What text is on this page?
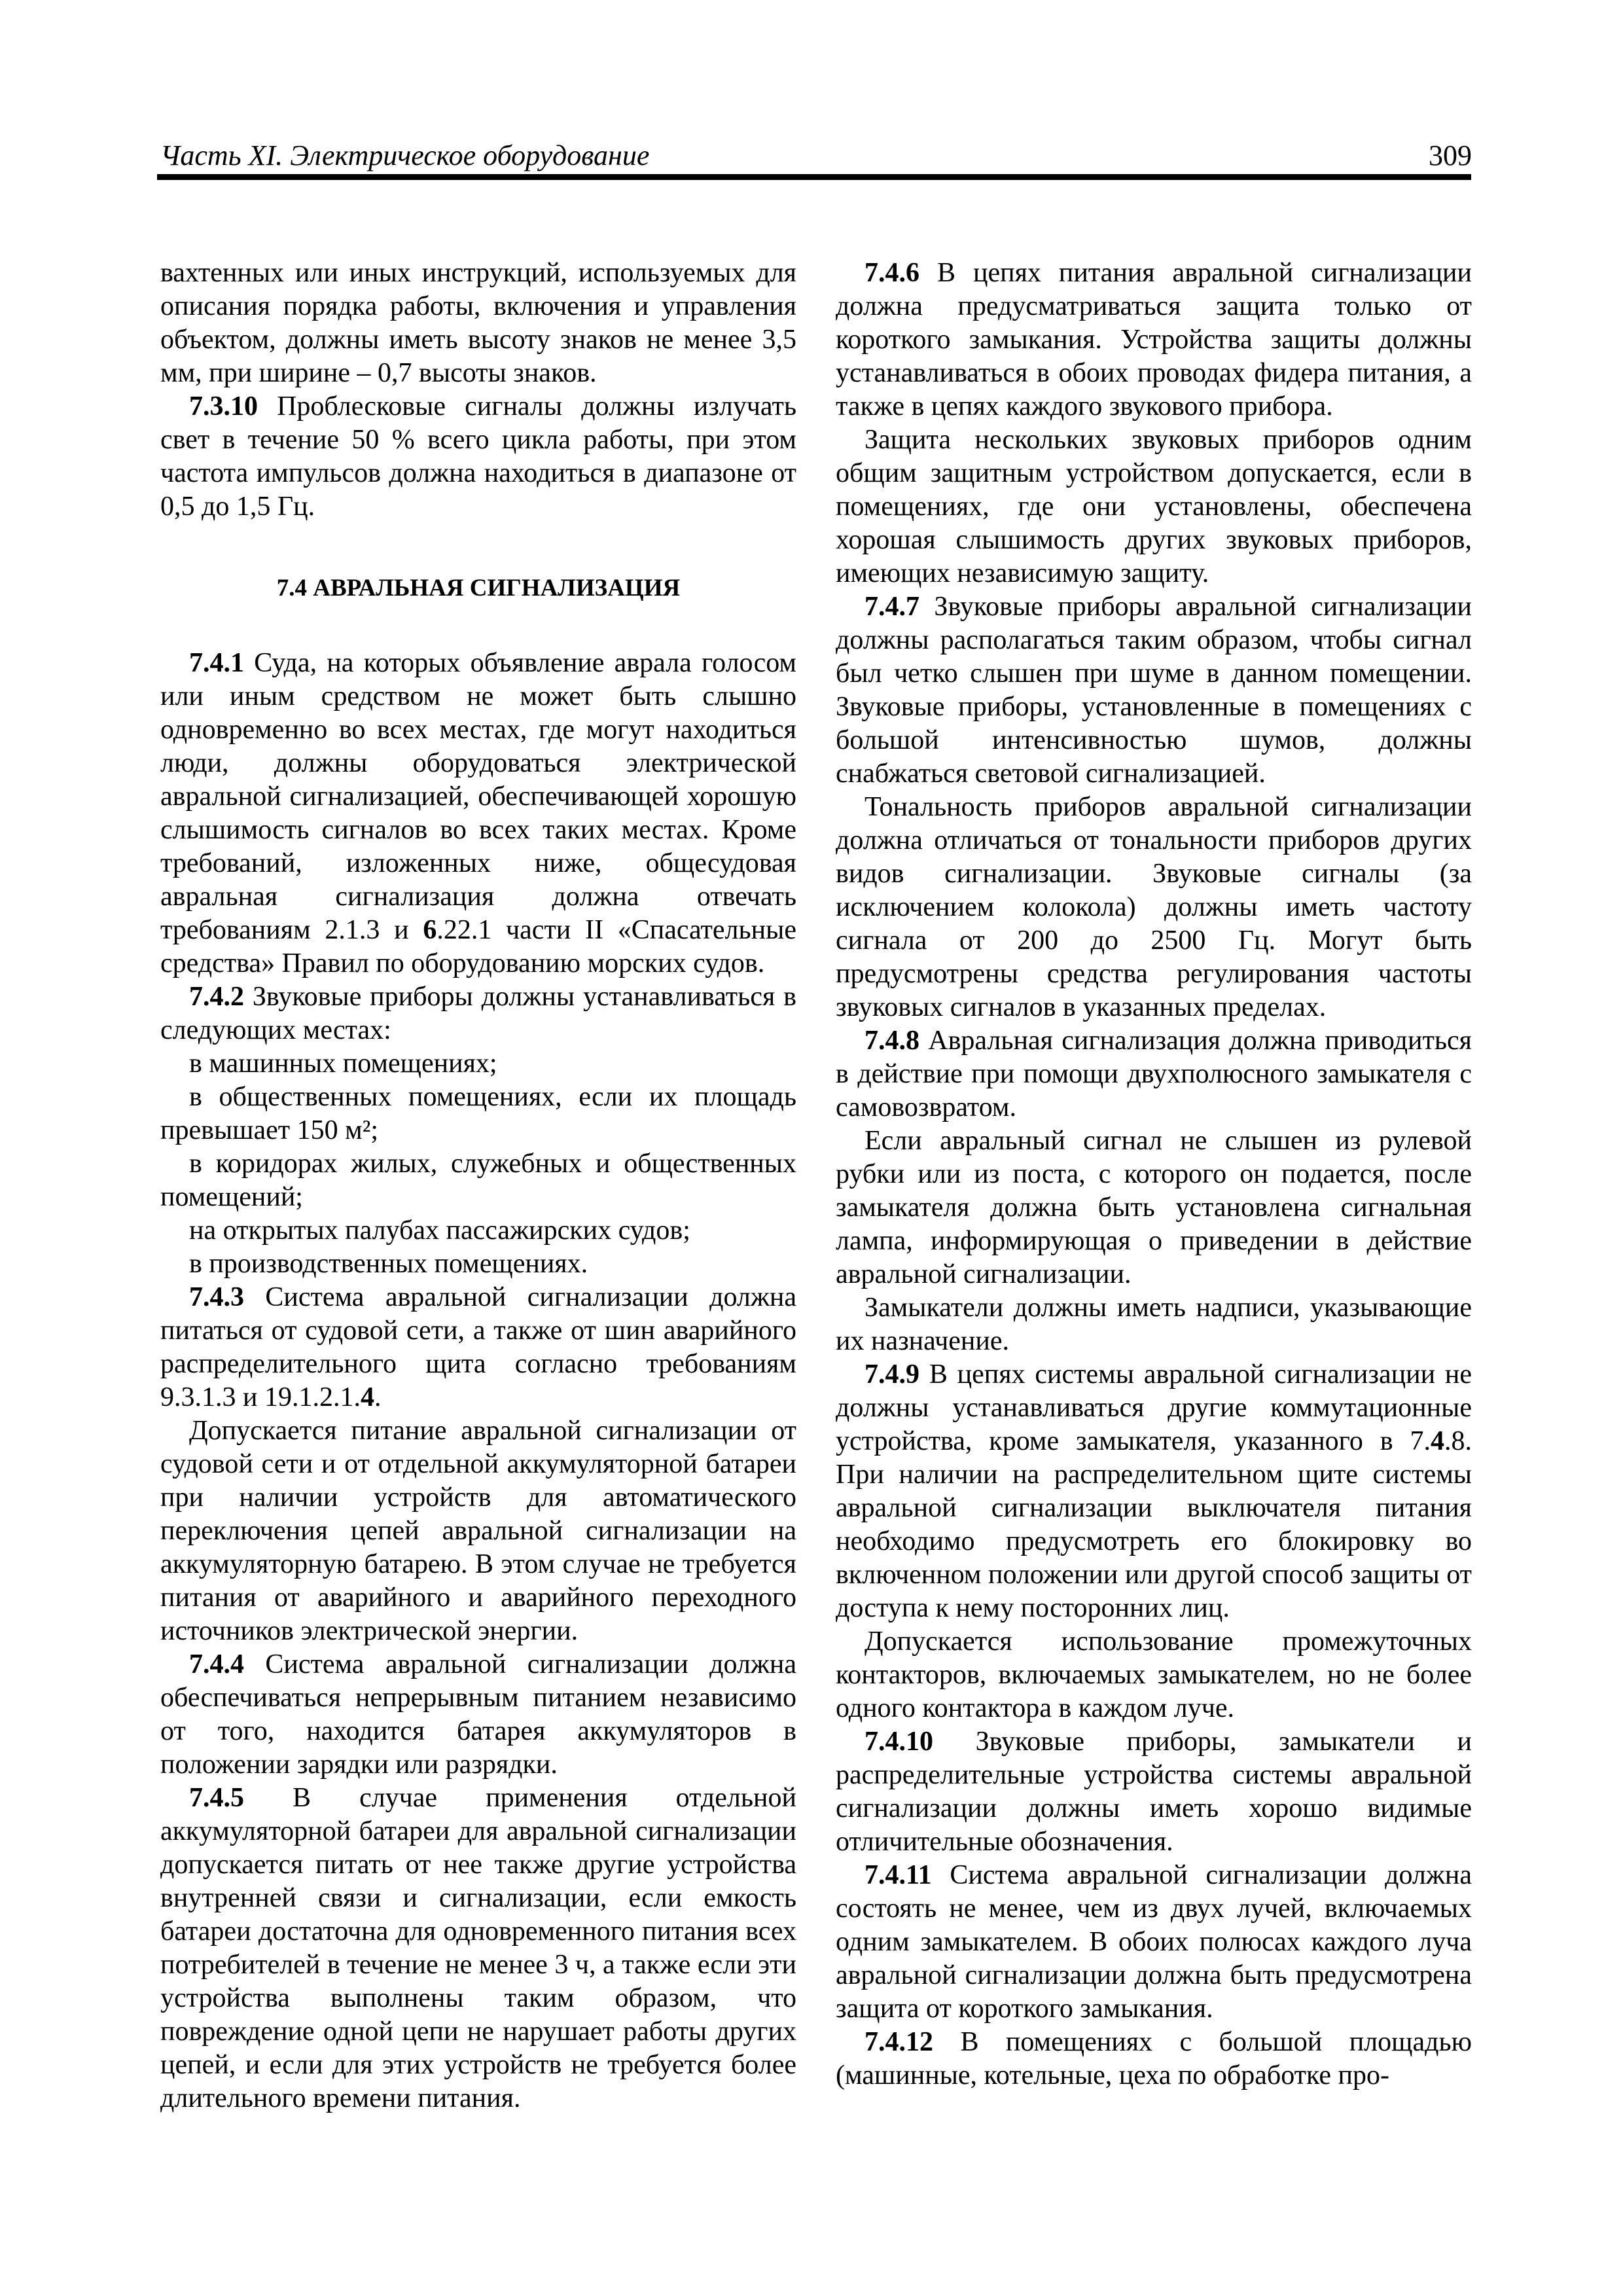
Часть XI. Электрическое оборудование	309

вахтенных или иных инструкций, используемых для описания порядка работы, включения и управления объектом, должны иметь высоту знаков не менее 3,5 мм, при ширине – 0,7 высоты знаков.

7.3.10 Проблесковые сигналы должны излучать свет в течение 50 % всего цикла работы, при этом частота импульсов должна находиться в диапазоне от 0,5 до 1,5 Гц.

7.4 АВРАЛЬНАЯ СИГНАЛИЗАЦИЯ

7.4.1 Суда, на которых объявление аврала голосом или иным средством не может быть слышно одновременно во всех местах, где могут находиться люди, должны оборудоваться электрической авральной сигнализацией, обеспечивающей хорошую слышимость сигналов во всех таких местах. Кроме требований, изложенных ниже, общесудовая авральная сигнализация должна отвечать требованиям 2.1.3 и 6.22.1 части II «Спасательные средства» Правил по оборудованию морских судов.

7.4.2 Звуковые приборы должны устанавливаться в следующих местах:

в машинных помещениях;

в общественных помещениях, если их площадь превышает 150 м²;

в коридорах жилых, служебных и общественных помещений;

на открытых палубах пассажирских судов;

в производственных помещениях.

7.4.3 Система авральной сигнализации должна питаться от судовой сети, а также от шин аварийного распределительного щита согласно требованиям 9.3.1.3 и 19.1.2.1.4.

Допускается питание авральной сигнализации от судовой сети и от отдельной аккумуляторной батареи при наличии устройств для автоматического переключения цепей авральной сигнализации на аккумуляторную батарею. В этом случае не требуется питания от аварийного и аварийного переходного источников электрической энергии.

7.4.4 Система авральной сигнализации должна обеспечиваться непрерывным питанием независимо от того, находится батарея аккумуляторов в положении зарядки или разрядки.

7.4.5 В случае применения отдельной аккумуляторной батареи для авральной сигнализации допускается питать от нее также другие устройства внутренней связи и сигнализации, если емкость батареи достаточна для одновременного питания всех потребителей в течение не менее 3 ч, а также если эти устройства выполнены таким образом, что повреждение одной цепи не нарушает работы других цепей, и если для этих устройств не требуется более длительного времени питания.

7.4.6 В цепях питания авральной сигнализации должна предусматриваться защита только от короткого замыкания. Устройства защиты должны устанавливаться в обоих проводах фидера питания, а также в цепях каждого звукового прибора.

Защита нескольких звуковых приборов одним общим защитным устройством допускается, если в помещениях, где они установлены, обеспечена хорошая слышимость других звуковых приборов, имеющих независимую защиту.

7.4.7 Звуковые приборы авральной сигнализации должны располагаться таким образом, чтобы сигнал был четко слышен при шуме в данном помещении. Звуковые приборы, установленные в помещениях с большой интенсивностью шумов, должны снабжаться световой сигнализацией.

Тональность приборов авральной сигнализации должна отличаться от тональности приборов других видов сигнализации. Звуковые сигналы (за исключением колокола) должны иметь частоту сигнала от 200 до 2500 Гц. Могут быть предусмотрены средства регулирования частоты звуковых сигналов в указанных пределах.

7.4.8 Авральная сигнализация должна приводиться в действие при помощи двухполюсного замыкателя с самовозвратом.

Если авральный сигнал не слышен из рулевой рубки или из поста, с которого он подается, после замыкателя должна быть установлена сигнальная лампа, информирующая о приведении в действие авральной сигнализации.

Замыкатели должны иметь надписи, указывающие их назначение.

7.4.9 В цепях системы авральной сигнализации не должны устанавливаться другие коммутационные устройства, кроме замыкателя, указанного в 7.4.8. При наличии на распределительном щите системы авральной сигнализации выключателя питания необходимо предусмотреть его блокировку во включенном положении или другой способ защиты от доступа к нему посторонних лиц.

Допускается использование промежуточных контакторов, включаемых замыкателем, но не более одного контактора в каждом луче.

7.4.10 Звуковые приборы, замыкатели и распределительные устройства системы авральной сигнализации должны иметь хорошо видимые отличительные обозначения.

7.4.11 Система авральной сигнализации должна состоять не менее, чем из двух лучей, включаемых одним замыкателем. В обоих полюсах каждого луча авральной сигнализации должна быть предусмотрена защита от короткого замыкания.

7.4.12 В помещениях с большой площадью (машинные, котельные, цеха по обработке про-
